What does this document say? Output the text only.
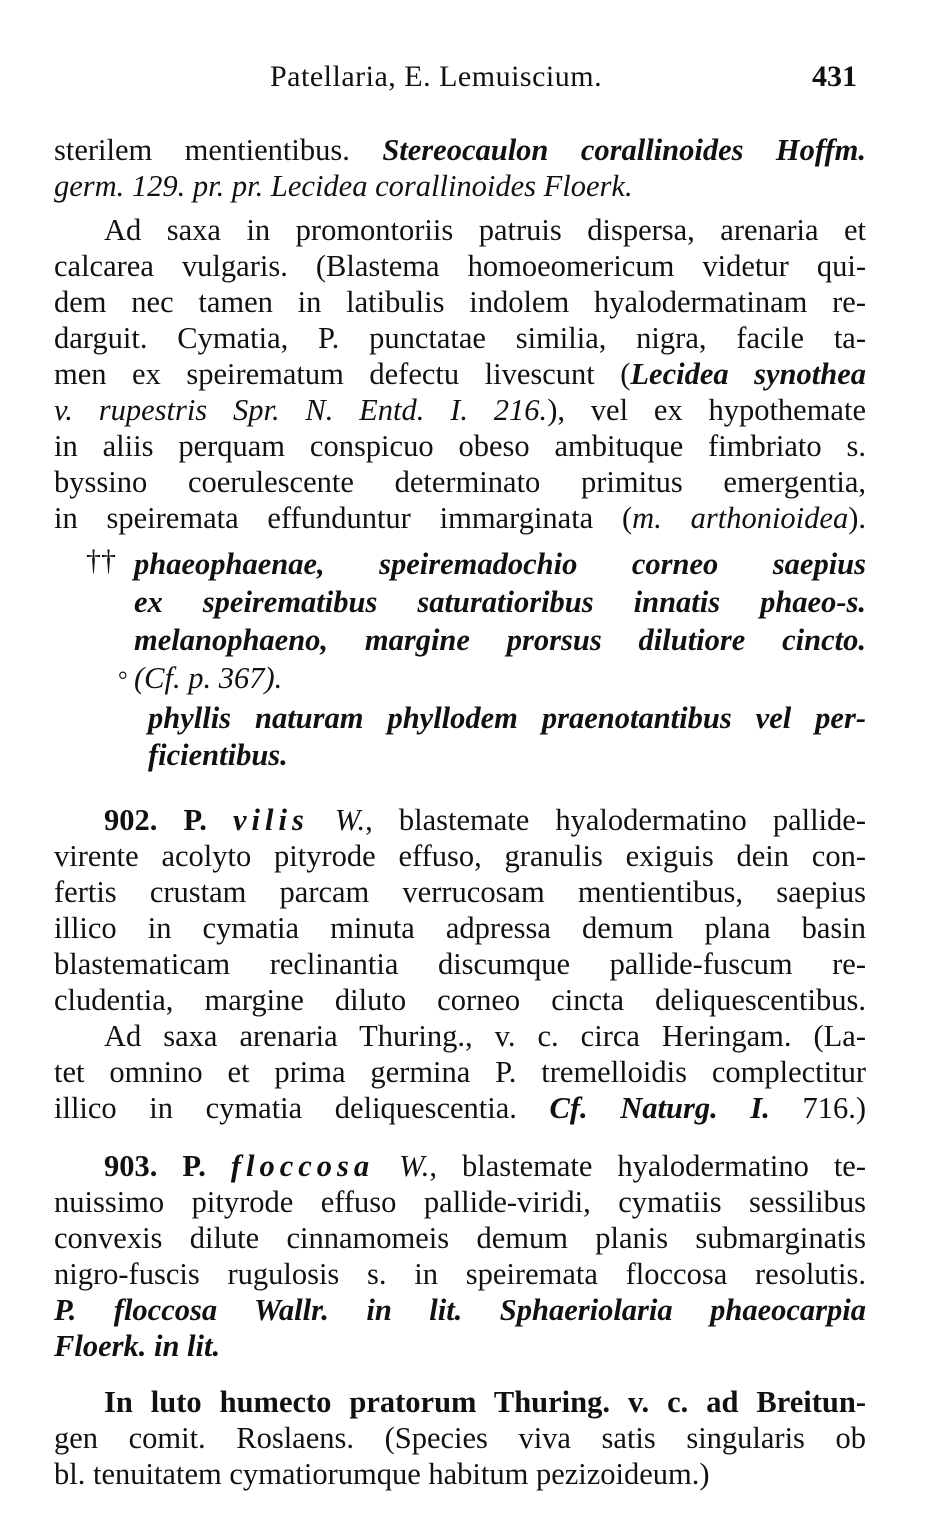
Patellaria, E. Lemuiscium.	431
sterilem mentientibus. Stereocaulon corallinoides Hoffm.
germ. 129. pr. pr. Lecidea corallinoides Floerk.
Ad saxa in promontoriis patruis dispersa, arenaria et
calcarea vulgaris. (Blastema homoeomericum videtur qui-
dem nec tamen in latibulis indolem hyalodermatinam re-
darguit. Cymatia, P. punctatae similia, nigra, facile ta-
men ex speirematum defectu livescunt (Lecidea synothea
v. rupestris Spr. N. Entd. I. 216.), vel ex hypothemate
in aliis perquam conspicuo obeso ambituque fimbriato s.
byssino coerulescente determinato primitus emergentia,
in speiremata effunduntur immarginata (m. arthonioidea).
†† phaeophaenae, speiremadochio corneo saepius
ex speirematibus saturatioribus innatis phaeo-s.
melanophaeno, margine prorsus dilutiore cincto.
(Cf. p. 367).
°
phyllis naturam phyllodem praenotantibus vel per-
ficientibus.
902. P. vilis W., blastemate hyalodermatino pallide-
virente acolyto pityrode effuso, granulis exiguis dein con-
fertis crustam parcam verrucosam mentientibus, saepius
illico in cymatia minuta adpressa demum plana basin
blastematicam reclinantia discumque pallide-fuscum re-
cludentia, margine diluto corneo cincta deliquescentibus.
Ad saxa arenaria Thuring., v. c. circa Heringam. (La-
tet omnino et prima germina P. tremelloidis complectitur
illico in cymatia deliquescentia. Cf. Naturg. I. 716.)
903. P. floccosa W., blastemate hyalodermatino te-
nuissimo pityrode effuso pallide-viridi, cymatiis sessilibus
convexis dilute cinnamomeis demum planis submarginatis
nigro-fuscis rugulosis s. in speiremata floccosa resolutis.
P. floccosa Wallr. in lit. Sphaeriolaria phaeocarpia
Floerk. in lit.
In luto humecto pratorum Thuring. v. c. ad Breitun-
gen comit. Roslaens. (Species viva satis singularis ob
bl. tenuitatem cymatiorumque habitum pezizoideum.)
